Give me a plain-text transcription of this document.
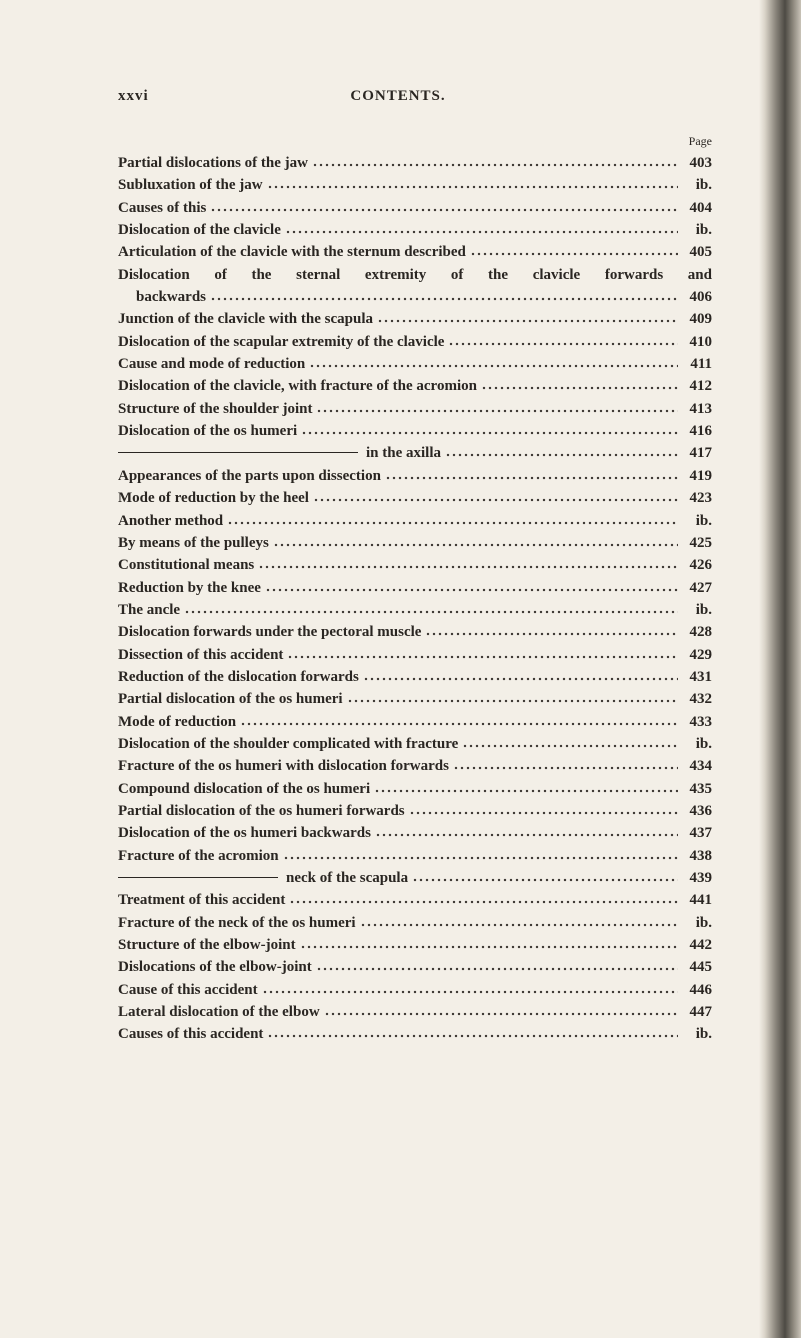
xxvi	CONTENTS.
Page
Partial dislocations of the jaw	403
Subluxation of the jaw	ib.
Causes of this	404
Dislocation of the clavicle	ib.
Articulation of the clavicle with the sternum described	405
Dislocation of the sternal extremity of the clavicle forwards and
backwards	406
Junction of the clavicle with the scapula	409
Dislocation of the scapular extremity of the clavicle	410
Cause and mode of reduction	411
Dislocation of the clavicle, with fracture of the acromion	412
Structure of the shoulder joint	413
Dislocation of the os humeri	416
in the axilla	417
Appearances of the parts upon dissection	419
Mode of reduction by the heel	423
Another method	ib.
By means of the pulleys	425
Constitutional means	426
Reduction by the knee	427
The ancle	ib.
Dislocation forwards under the pectoral muscle	428
Dissection of this accident	429
Reduction of the dislocation forwards	431
Partial dislocation of the os humeri	432
Mode of reduction	433
Dislocation of the shoulder complicated with fracture	ib.
Fracture of the os humeri with dislocation forwards	434
Compound dislocation of the os humeri	435
Partial dislocation of the os humeri forwards	436
Dislocation of the os humeri backwards	437
Fracture of the acromion	438
neck of the scapula	439
Treatment of this accident	441
Fracture of the neck of the os humeri	ib.
Structure of the elbow-joint	442
Dislocations of the elbow-joint	445
Cause of this accident	446
Lateral dislocation of the elbow	447
Causes of this accident	ib.
